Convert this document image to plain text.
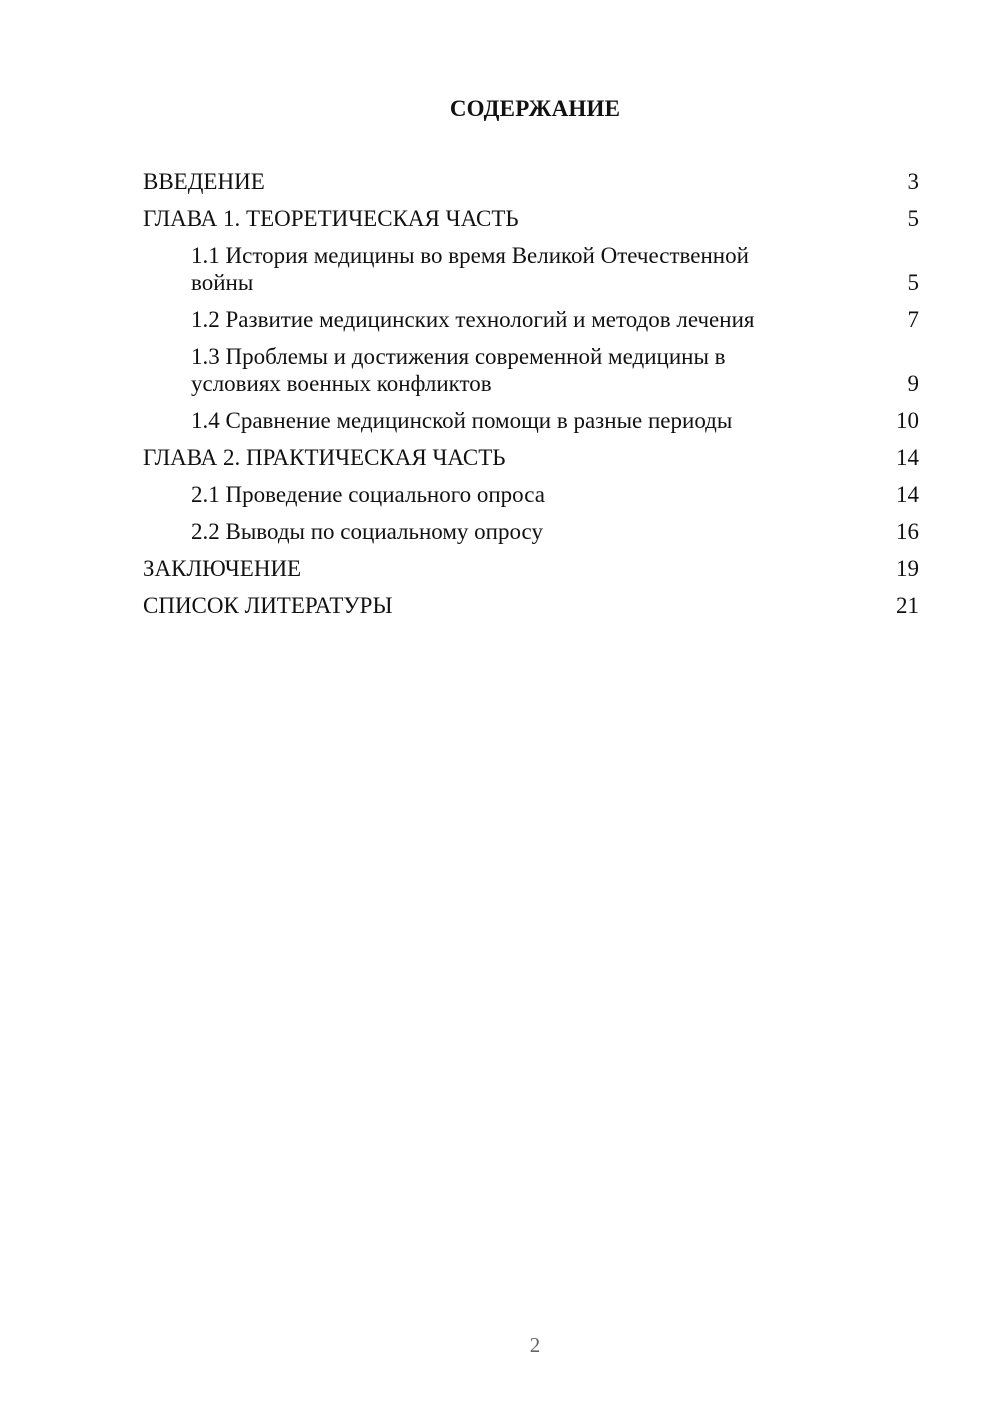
СОДЕРЖАНИЕ
ВВЕДЕНИЕ	3
ГЛАВА 1. ТЕОРЕТИЧЕСКАЯ ЧАСТЬ	5
1.1 История медицины во время Великой Отечественной войны	5
1.2 Развитие медицинских технологий и методов лечения	7
1.3 Проблемы и достижения современной медицины в условиях военных конфликтов	9
1.4 Сравнение медицинской помощи в разные периоды	10
ГЛАВА 2. ПРАКТИЧЕСКАЯ ЧАСТЬ	14
2.1 Проведение социального опроса	14
2.2 Выводы по социальному опросу	16
ЗАКЛЮЧЕНИЕ	19
СПИСОК ЛИТЕРАТУРЫ	21
2
